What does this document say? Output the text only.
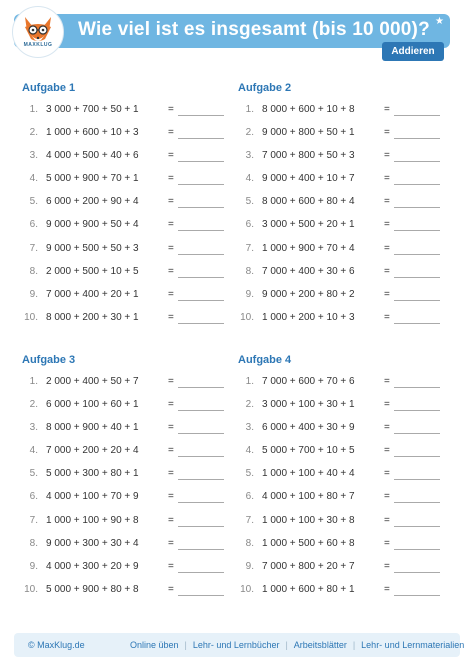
Wie viel ist es insgesamt (bis 10 000)? ★
MAXKLUG
Addieren
Aufgabe 1
1. 3 000 + 700 + 50 + 1	=
2. 1 000 + 600 + 10 + 3	=
3. 4 000 + 500 + 40 + 6	=
4. 5 000 + 900 + 70 + 1	=
5. 6 000 + 200 + 90 + 4	=
6. 9 000 + 900 + 50 + 4	=
7. 9 000 + 500 + 50 + 3	=
8. 2 000 + 500 + 10 + 5	=
9. 7 000 + 400 + 20 + 1	=
10. 8 000 + 200 + 30 + 1	=
Aufgabe 2
1. 8 000 + 600 + 10 + 8	=
2. 9 000 + 800 + 50 + 1	=
3. 7 000 + 800 + 50 + 3	=
4. 9 000 + 400 + 10 + 7	=
5. 8 000 + 600 + 80 + 4	=
6. 3 000 + 500 + 20 + 1	=
7. 1 000 + 900 + 70 + 4	=
8. 7 000 + 400 + 30 + 6	=
9. 9 000 + 200 + 80 + 2	=
10. 1 000 + 200 + 10 + 3	=
Aufgabe 3
1. 2 000 + 400 + 50 + 7	=
2. 6 000 + 100 + 60 + 1	=
3. 8 000 + 900 + 40 + 1	=
4. 7 000 + 200 + 20 + 4	=
5. 5 000 + 300 + 80 + 1	=
6. 4 000 + 100 + 70 + 9	=
7. 1 000 + 100 + 90 + 8	=
8. 9 000 + 300 + 30 + 4	=
9. 4 000 + 300 + 20 + 9	=
10. 5 000 + 900 + 80 + 8	=
Aufgabe 4
1. 7 000 + 600 + 70 + 6	=
2. 3 000 + 100 + 30 + 1	=
3. 6 000 + 400 + 30 + 9	=
4. 5 000 + 700 + 10 + 5	=
5. 1 000 + 100 + 40 + 4	=
6. 4 000 + 100 + 80 + 7	=
7. 1 000 + 100 + 30 + 8	=
8. 1 000 + 500 + 60 + 8	=
9. 7 000 + 800 + 20 + 7	=
10. 1 000 + 600 + 80 + 1	=
© MaxKlug.de	Online üben | Lehr- und Lernbücher | Arbeitsblätter | Lehr- und Lernmaterialien
